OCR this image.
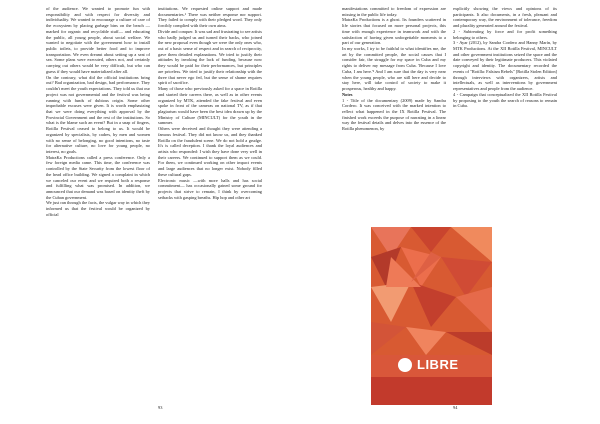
of the audience. We wanted to promote fun with responsibility and with respect for diversity and individuality. We wanted to encourage a culture of care of the ecosystem by placing garbage bins on the beach —marked for organic and recyclable stuff— and educating the public, all young people, about social welfare. We wanted to negotiate with the government how to install public toilets, to provide better food and to improve transportation. We even dreamt about setting up a seat of sea. Some plans were executed, others not, and certainly carrying out others would be very difficult, but who can guess if they would have materialized after all.

On the contrary, what did the official institutions bring out? Bad organization, bad design, bad performance. They couldn't meet the youth expectations. They told us that our project was not governmental and the festival was being running with funds of dubious origin. Some other improbable excuses were given. It is worth emphasizing that we were doing everything with approval by the Provincial Government and the rest of the institutions. So what is the blame such an event? But in a snap of fingers, Rotilla Festival ceased to belong to us. It would be organized by specialists, by cadres, by men and women with no sense of belonging, no good intentions, no taste for alternative culture, no love for young people, no interest, no goals.

MatraKa Productions called a press conference. Only a few foreign media came. This time, the conference was controlled by the State Security from the lowest floor of the head office building. We signed a complaint in which we canceled our event and we required both a response and fulfilling what was promised. In addition, we announced that our demand was based on identity theft by the Cuban government.

We just ran through the facts, the vulgar way in which they informed us that the festival would be organized by official

institutions. We requested online support and made documentaries.¹ There was neither response nor support. They failed to comply with their pledged word. They only forcibly complied with their own aims.

Divide and conquer. It was sad and frustrating to see artists who badly judged us and turned their backs, who joined the new proposal even though we were the only ones who, out of a basic sense of respect and in search of reciprocity, gave them detailed explanations. We tried to justify their attitudes by invoking the lack of funding, because now they would be paid for their performances, but principles are priceless. We tried to justify their relationship with the three that never ego fed, but the sense of shame requires spirit of sacrifice.

Many of those who previously asked for a space in Rotilla and started their careers there, as well as in other events organized by MTK, attended the fake festival and even spoke in front of the cameras on national TV, as if that plagiarism would have been the best idea drawn up by the Ministry of Culture (MINCULT) for the youth in the summer.

Others were deceived and thought they were attending a famous festival. They did not know us, and they thanked Rotilla on the fraudulent scene. We do not hold a grudge. It's is called deception. I thank the loyal audiences and artists who responded: I wish they have done very well in their careers. We continued to support them as we could. For them, we continued working on other impact events and large audiences that no longer exist. Nobody filled these cultural gaps.

Electronic music —with more halls and has social commitment— has occasionally gained some ground for projects that strive to remain, I think by overcoming setbacks with gasping breaths. Hip hop and other art

manifestations committed to freedom of expression are missing in the public life today.

MatraKa Productions is a ghost. Its founders scattered in life stories that focused on more personal projects, this time with enough experience in teamwork and with the satisfaction of having given unforgettable moments to a part of our generation.

In my works, I try to be faithful to what identifies me, the art by the committed people, the social causes that I consider fair, the struggle for my space in Cuba and my rights to deliver my message from Cuba. 'Because I love Cuba, I am here.'² And I am sure that the day is very near when the young people, who are still here and decide to stay here, will take control of society to make it prosperous, healthy and happy.

Notes

1 - Title of the documentary (2009) made by Sandra Cordero. It was conceived with the marked intention to reflect what happened in the IX Rotilla Festival. The finished work exceeds the purpose of narrating in a linear way the festival details and delves into the essence of the Rotilla phenomenon, by

explicitly showing the views and opinions of its participants. It also documents, in a fresh, pleasant and contemporary way, the environment of tolerance, freedom and plurality generated around the festival.

2 - Subtreating by force and for profit something belonging to others.

3 - Ayar (2012), by Sandra Cordero and Hanny Marín, by MTK Productions. At the XII Rotilla Festival, MINCULT and other government institutions seized the space and the date conveyed by their legitimate producers. This violated copyright and identity. The documentary recorded the events of "Rotilla: Falsism Rebels" [Rotilla Stolen Edition] through interviews with organizers, artists and intellectuals, as well as interventions by government representatives and people from the audience.

4 - Campaign that conceptualized the XII Rotilla Festival by proposing to the youth the search of reasons to remain in Cuba.

LIBRE
93	94
